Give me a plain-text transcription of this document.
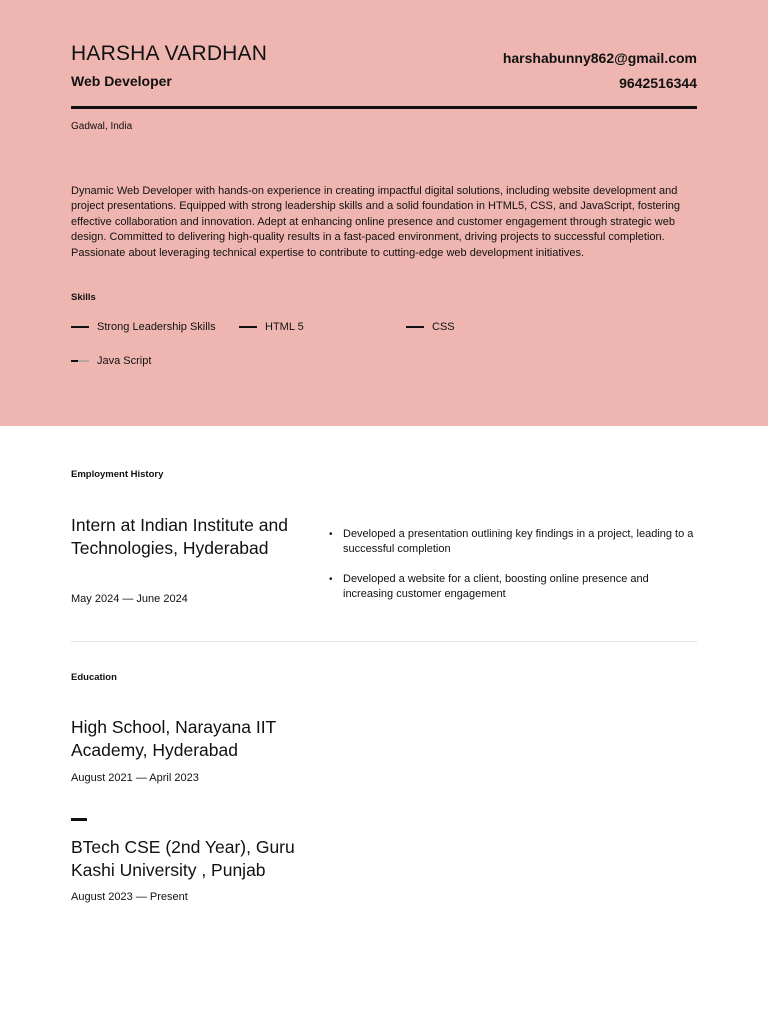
HARSHA VARDHAN
Web Developer
harshabunny862@gmail.com
9642516344
Gadwal, India
Dynamic Web Developer with hands-on experience in creating impactful digital solutions, including website development and project presentations. Equipped with strong leadership skills and a solid foundation in HTML5, CSS, and JavaScript, fostering effective collaboration and innovation. Adept at enhancing online presence and customer engagement through strategic web design. Committed to delivering high-quality results in a fast-paced environment, driving projects to successful completion. Passionate about leveraging technical expertise to contribute to cutting-edge web development initiatives.
Skills
Strong Leadership Skills	HTML 5	CSS
Java Script
Employment History
Intern at Indian Institute and Technologies, Hyderabad
May 2024 — June 2024
• Developed a presentation outlining key findings in a project, leading to a successful completion
• Developed a website for a client, boosting online presence and increasing customer engagement
Education
High School, Narayana IIT Academy, Hyderabad
August 2021 — April 2023
BTech CSE (2nd Year), Guru Kashi University , Punjab
August 2023 — Present
